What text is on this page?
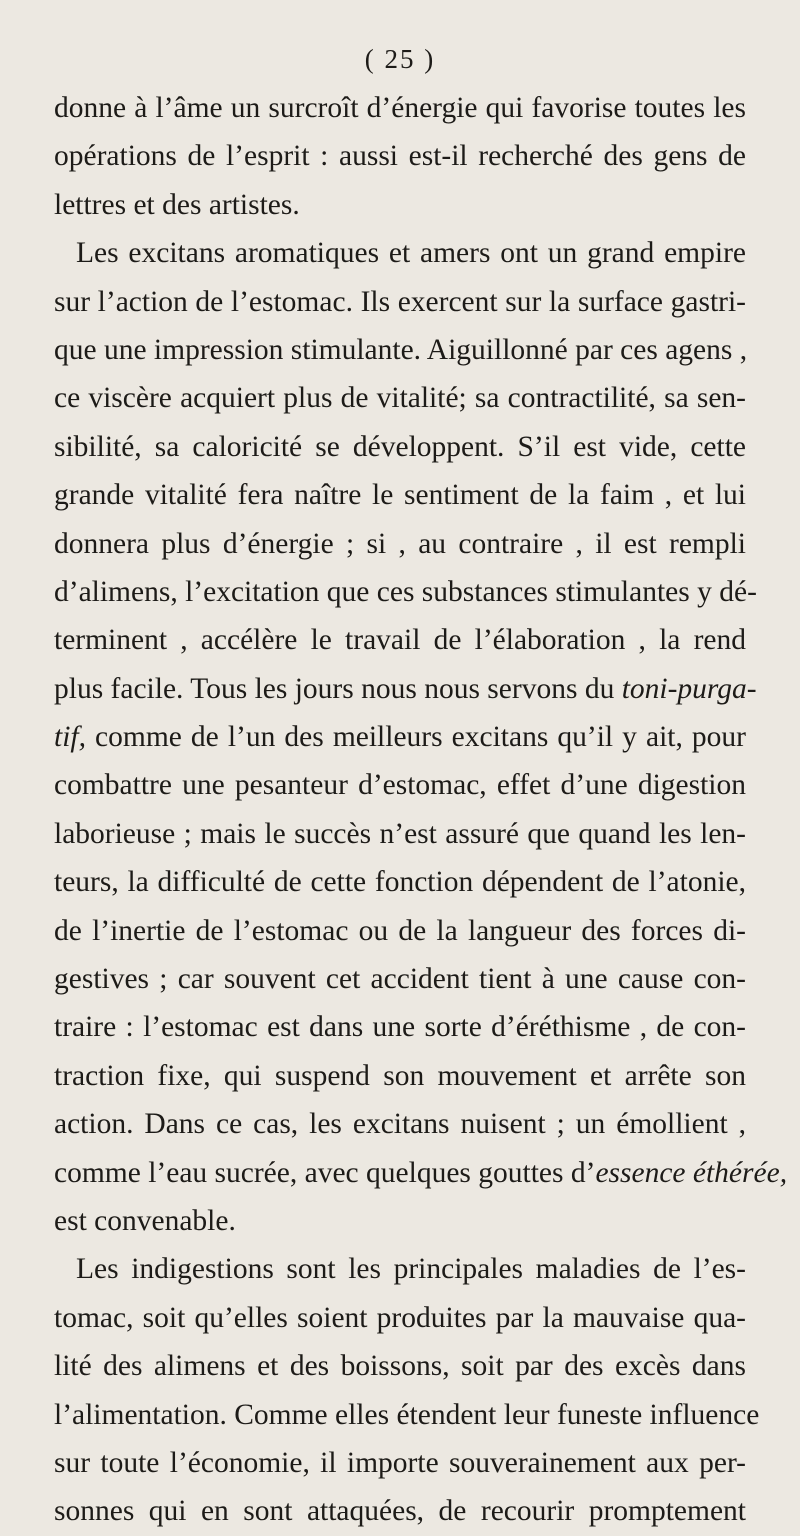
( 25 )
donne à l’âme un surcroît d’énergie qui favorise toutes les
opérations de l’esprit : aussi est-il recherché des gens de
lettres et des artistes.
Les excitans aromatiques et amers ont un grand empire
sur l’action de l’estomac. Ils exercent sur la surface gastri-
que une impression stimulante. Aiguillonné par ces agens ,
ce viscère acquiert plus de vitalité; sa contractilité, sa sen-
sibilité, sa caloricité se développent. S’il est vide, cette
grande vitalité fera naître le sentiment de la faim , et lui
donnera plus d’énergie ; si , au contraire , il est rempli
d’alimens, l’excitation que ces substances stimulantes y dé-
terminent , accélère le travail de l’élaboration , la rend
plus facile. Tous les jours nous nous servons du toni-purga-
tif, comme de l’un des meilleurs excitans qu’il y ait, pour
combattre une pesanteur d’estomac, effet d’une digestion
laborieuse ; mais le succès n’est assuré que quand les len-
teurs, la difficulté de cette fonction dépendent de l’atonie,
de l’inertie de l’estomac ou de la langueur des forces di-
gestives ; car souvent cet accident tient à une cause con-
traire : l’estomac est dans une sorte d’éréthisme , de con-
traction fixe, qui suspend son mouvement et arrête son
action. Dans ce cas, les excitans nuisent ; un émollient ,
comme l’eau sucrée, avec quelques gouttes d’essence éthérée,
est convenable.
Les indigestions sont les principales maladies de l’es-
tomac, soit qu’elles soient produites par la mauvaise qua-
lité des alimens et des boissons, soit par des excès dans
l’alimentation. Comme elles étendent leur funeste influence
sur toute l’économie, il importe souverainement aux per-
sonnes qui en sont attaquées, de recourir promptement
